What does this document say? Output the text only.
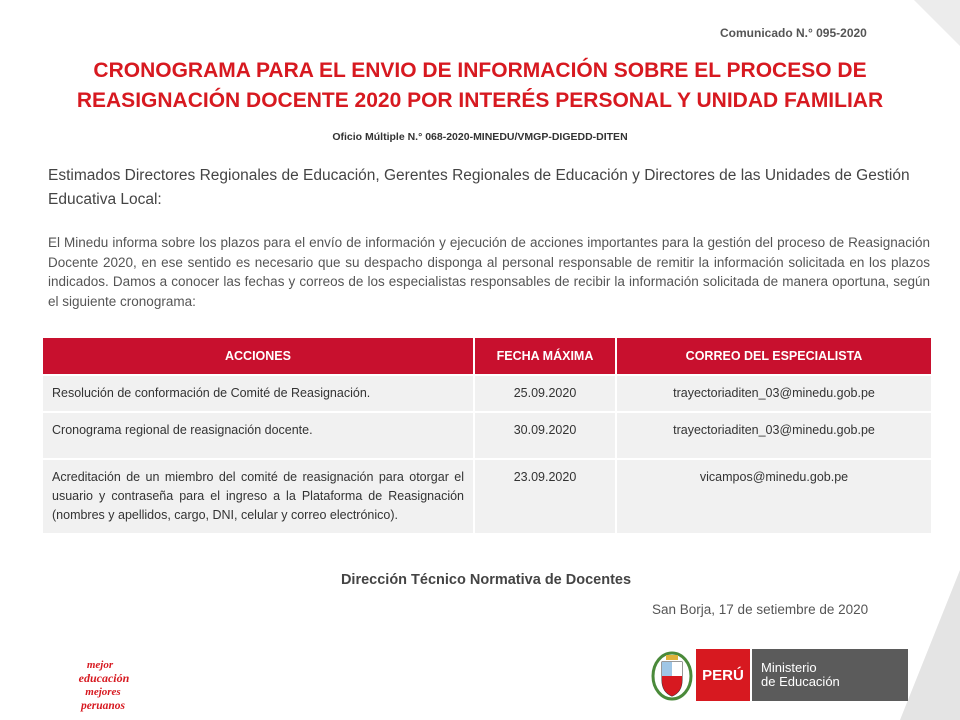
Comunicado N.° 095-2020
CRONOGRAMA PARA EL ENVIO DE INFORMACIÓN SOBRE EL PROCESO DE REASIGNACIÓN DOCENTE 2020 POR INTERÉS PERSONAL Y UNIDAD FAMILIAR
Oficio Múltiple N.° 068-2020-MINEDU/VMGP-DIGEDD-DITEN
Estimados Directores Regionales de Educación, Gerentes Regionales de Educación y Directores de las Unidades de Gestión Educativa Local:
El Minedu informa sobre los plazos para el envío de información y ejecución de acciones importantes para la gestión del proceso de Reasignación Docente 2020, en ese sentido es necesario que su despacho disponga al personal responsable de remitir la información solicitada en los plazos indicados. Damos a conocer las fechas y correos de los especialistas responsables de recibir la información solicitada de manera oportuna, según el siguiente cronograma:
ACCIONES	FECHA MÁXIMA	CORREO DEL ESPECIALISTA
Resolución de conformación de Comité de Reasignación.	25.09.2020	trayectoriaditen_03@minedu.gob.pe
Cronograma regional de reasignación docente.	30.09.2020	trayectoriaditen_03@minedu.gob.pe
Acreditación de un miembro del comité de reasignación para otorgar el usuario y contraseña para el ingreso a la Plataforma de Reasignación (nombres y apellidos, cargo, DNI, celular y correo electrónico).	23.09.2020	vicampos@minedu.gob.pe
Dirección Técnico Normativa de Docentes
San Borja, 17 de setiembre de 2020
mejor
educación
mejores
peruanos
PERÚ	Ministerio
de Educación
